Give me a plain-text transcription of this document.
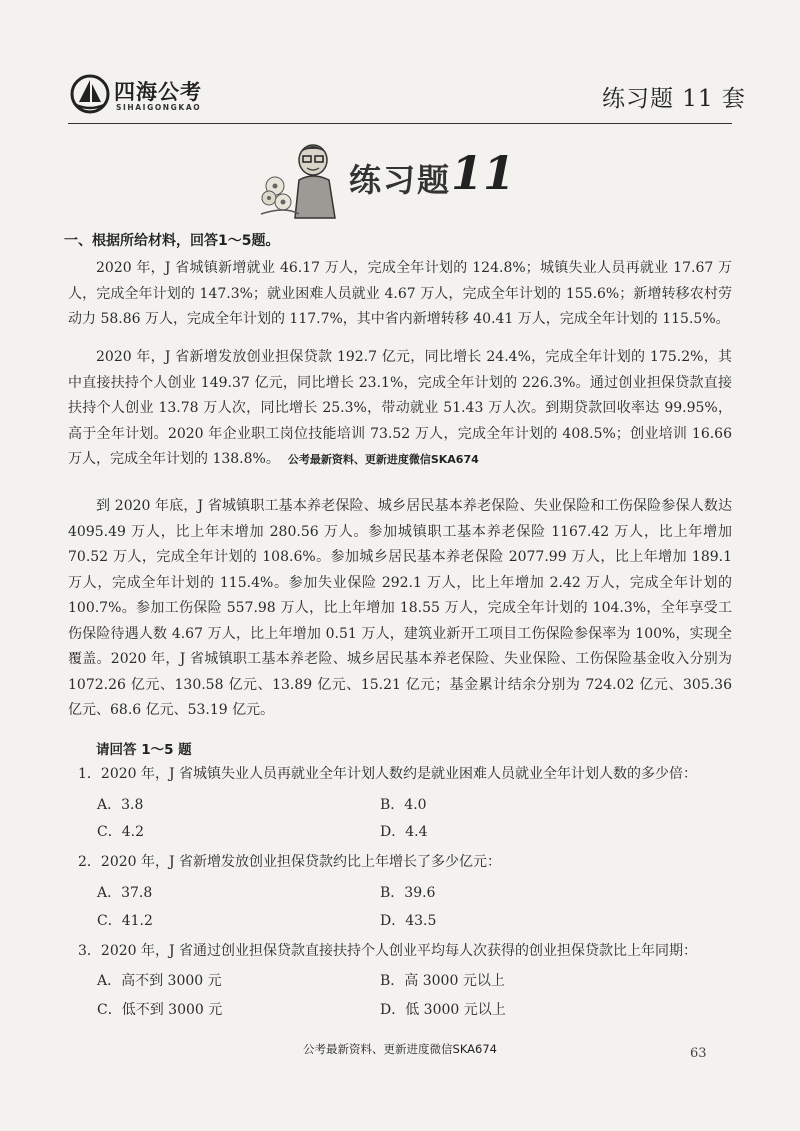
四海公考
SIHAIGONGKAO	练习题 11 套
练习题 11
一、根据所给材料，回答1～5题。

2020 年，J 省城镇新增就业 46.17 万人，完成全年计划的 124.8%；城镇失业人员再就业 17.67 万人，完成全年计划的 147.3%；就业困难人员就业 4.67 万人，完成全年计划的 155.6%；新增转移农村劳动力 58.86 万人，完成全年计划的 117.7%，其中省内新增转移 40.41 万人，完成全年计划的 115.5%。

2020 年，J 省新增发放创业担保贷款 192.7 亿元，同比增长 24.4%，完成全年计划的 175.2%，其中直接扶持个人创业 149.37 亿元，同比增长 23.1%，完成全年计划的 226.3%。通过创业担保贷款直接扶持个人创业 13.78 万人次，同比增长 25.3%，带动就业 51.43 万人次。到期贷款回收率达 99.95%，高于全年计划。2020 年企业职工岗位技能培训 73.52 万人，完成全年计划的 408.5%；创业培训 16.66 万人，完成全年计划的 138.8%。 公考最新资料、更新进度微信SKA674

到 2020 年底，J 省城镇职工基本养老保险、城乡居民基本养老保险、失业保险和工伤保险参保人数达 4095.49 万人，比上年末增加 280.56 万人。参加城镇职工基本养老保险 1167.42 万人，比上年增加 70.52 万人，完成全年计划的 108.6%。参加城乡居民基本养老保险 2077.99 万人，比上年增加 189.1 万人，完成全年计划的 115.4%。参加失业保险 292.1 万人，比上年增加 2.42 万人，完成全年计划的 100.7%。参加工伤保险 557.98 万人，比上年增加 18.55 万人，完成全年计划的 104.3%，全年享受工伤保险待遇人数 4.67 万人，比上年增加 0.51 万人，建筑业新开工项目工伤保险参保率为 100%，实现全覆盖。2020 年，J 省城镇职工基本养老险、城乡居民基本养老保险、失业保险、工伤保险基金收入分别为 1072.26 亿元、130.58 亿元、13.89 亿元、15.21 亿元；基金累计结余分别为 724.02 亿元、305.36 亿元、68.6 亿元、53.19 亿元。

请回答 1～5 题

1．2020 年，J 省城镇失业人员再就业全年计划人数约是就业困难人员就业全年计划人数的多少倍：

A．3.8	B．4.0

C．4.2	D．4.4

2．2020 年，J 省新增发放创业担保贷款约比上年增长了多少亿元：

A．37.8	B．39.6

C．41.2	D．43.5

3．2020 年，J 省通过创业担保贷款直接扶持个人创业平均每人次获得的创业担保贷款比上年同期：

A．高不到 3000 元	B．高 3000 元以上

C．低不到 3000 元	D．低 3000 元以上

公考最新资料、更新进度微信SKA674	63
